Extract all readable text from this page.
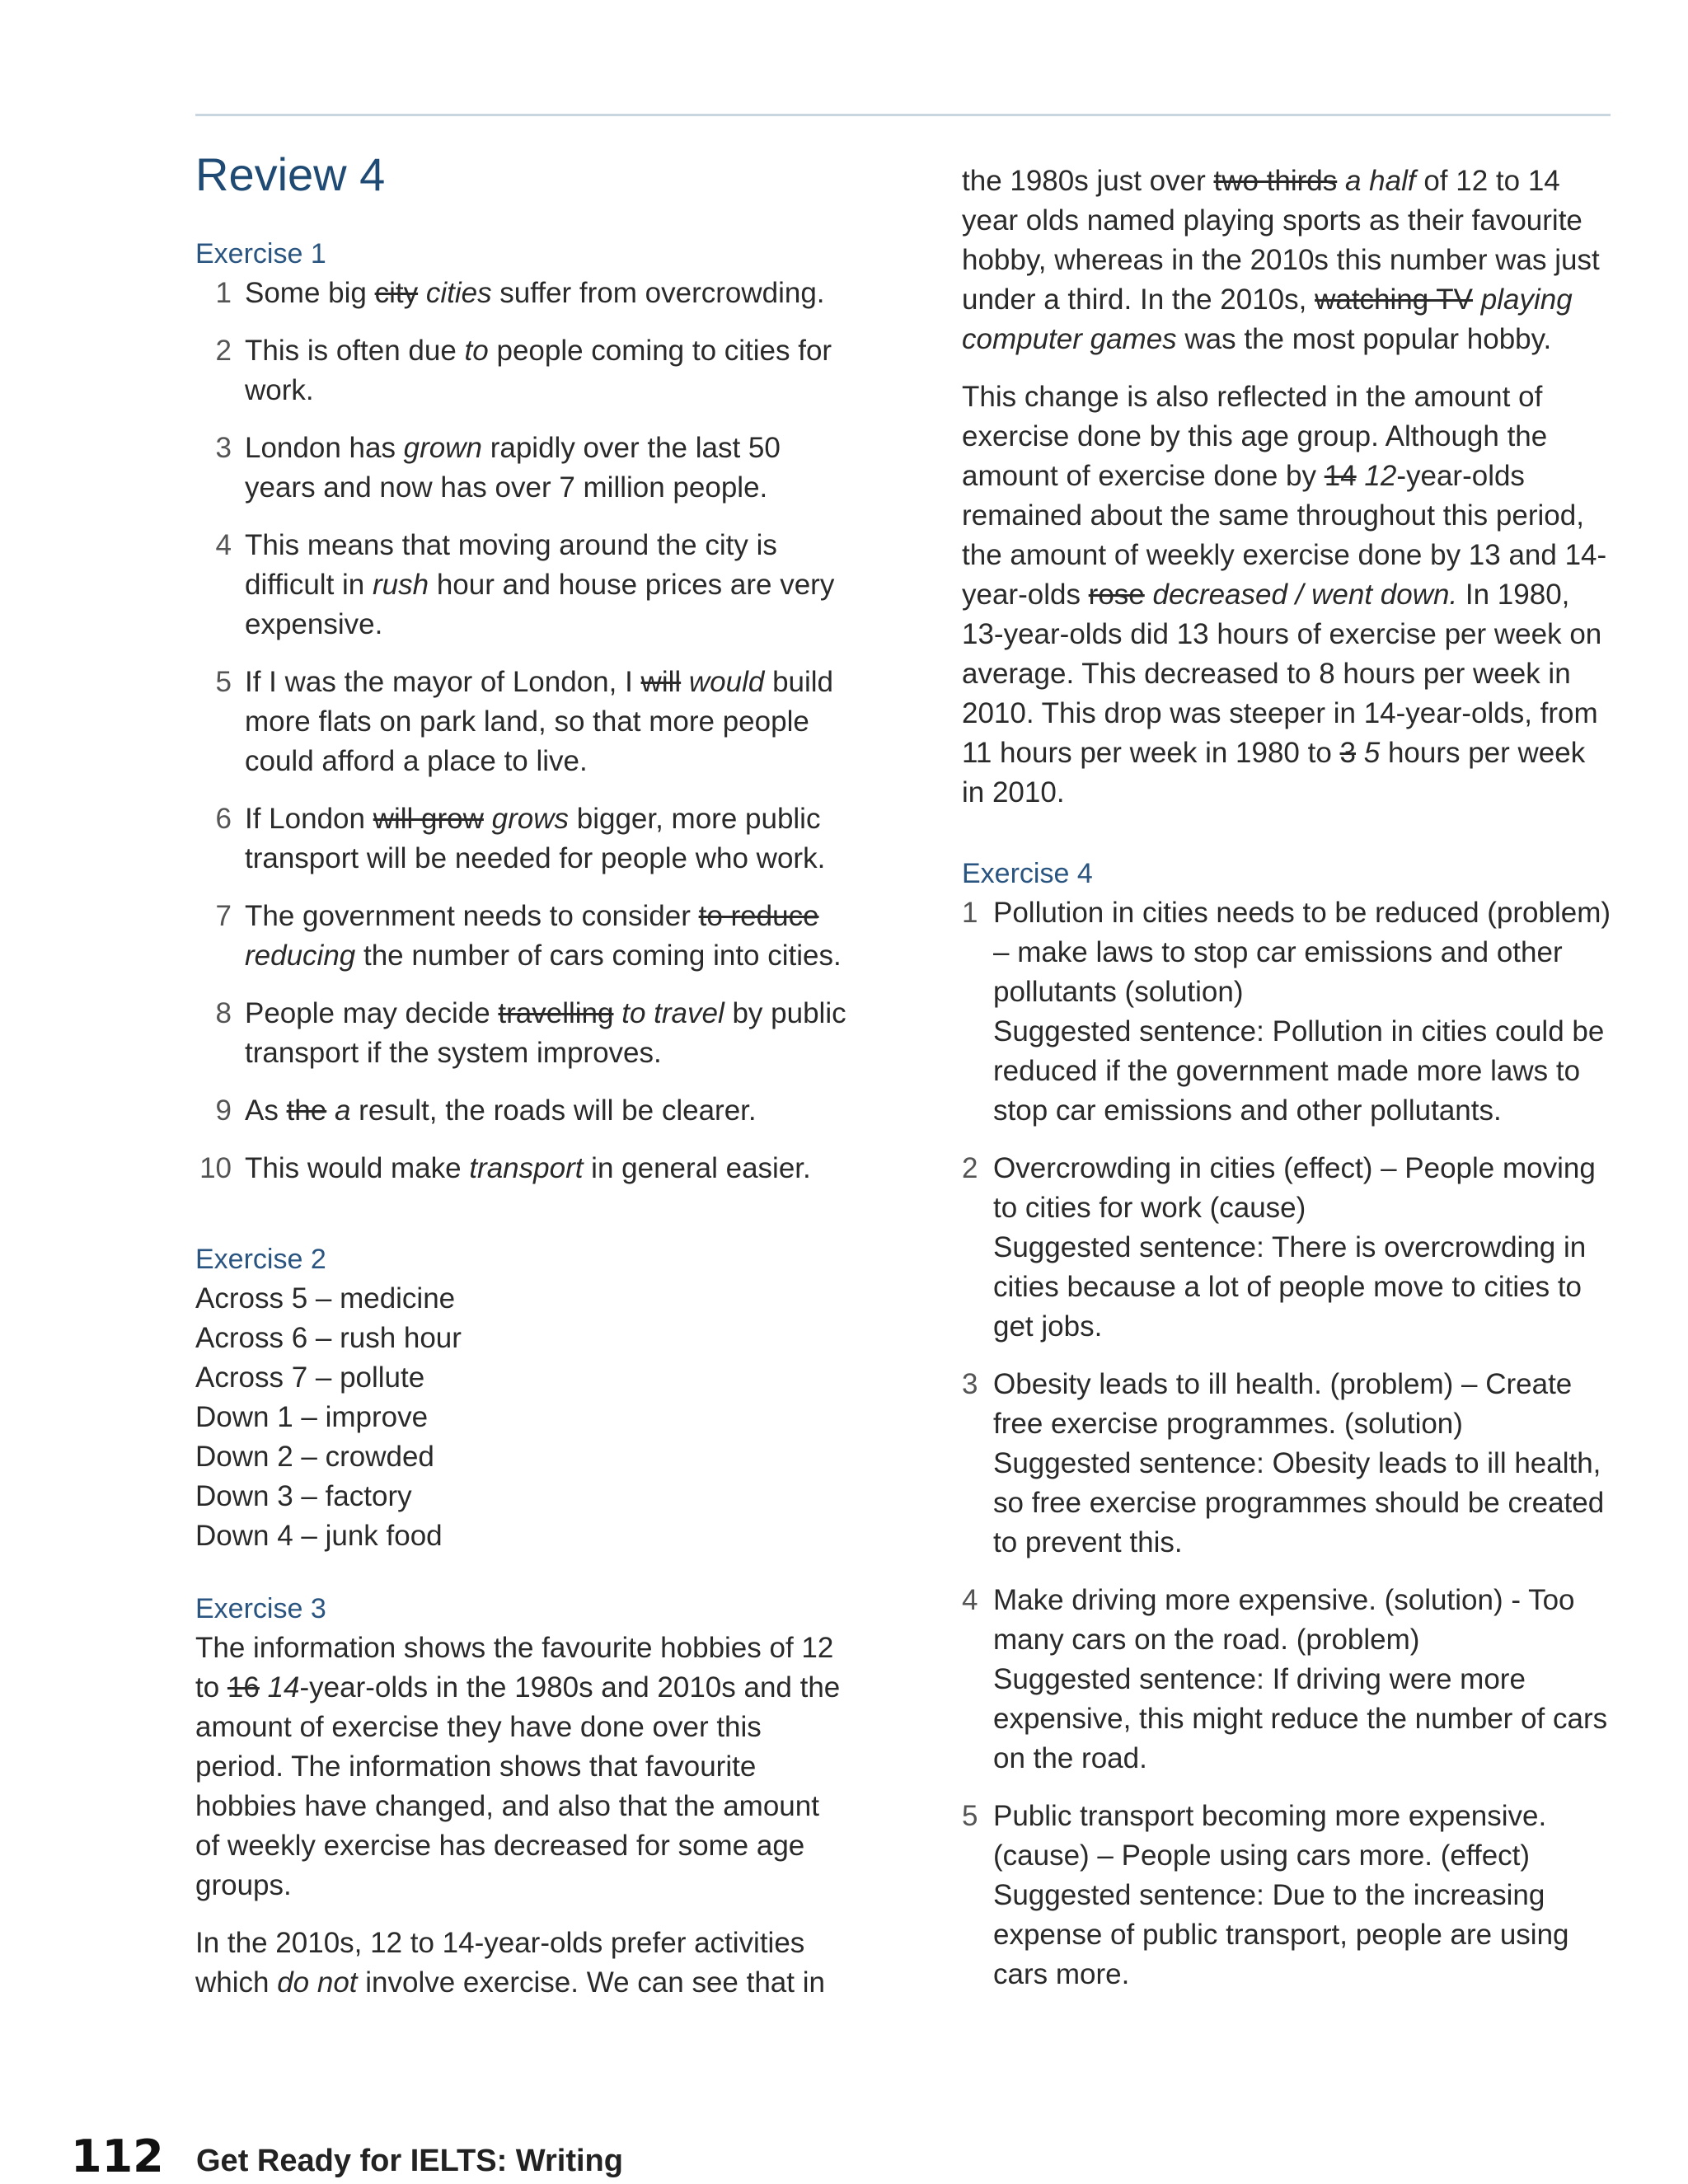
Review 4
Exercise 1
1 Some big city cities suffer from overcrowding.
2 This is often due to people coming to cities for work.
3 London has grown rapidly over the last 50 years and now has over 7 million people.
4 This means that moving around the city is difficult in rush hour and house prices are very expensive.
5 If I was the mayor of London, I will would build more flats on park land, so that more people could afford a place to live.
6 If London will grow grows bigger, more public transport will be needed for people who work.
7 The government needs to consider to reduce reducing the number of cars coming into cities.
8 People may decide travelling to travel by public transport if the system improves.
9 As the a result, the roads will be clearer.
10 This would make transport in general easier.
Exercise 2
Across 5 – medicine
Across 6 – rush hour
Across 7 – pollute
Down 1 – improve
Down 2 – crowded
Down 3 – factory
Down 4 – junk food
Exercise 3

The information shows the favourite hobbies of 12 to 16 14-year-olds in the 1980s and 2010s and the amount of exercise they have done over this period. The information shows that favourite hobbies have changed, and also that the amount of weekly exercise has decreased for some age groups.

In the 2010s, 12 to 14-year-olds prefer activities which do not involve exercise. We can see that in

the 1980s just over two thirds a half of 12 to 14 year olds named playing sports as their favourite hobby, whereas in the 2010s this number was just under a third. In the 2010s, watching TV playing computer games was the most popular hobby.

This change is also reflected in the amount of exercise done by this age group. Although the amount of exercise done by 14 12-year-olds remained about the same throughout this period, the amount of weekly exercise done by 13 and 14-year-olds rose decreased / went down. In 1980, 13-year-olds did 13 hours of exercise per week on average. This decreased to 8 hours per week in 2010. This drop was steeper in 14-year-olds, from 11 hours per week in 1980 to 3 5 hours per week in 2010.

Exercise 4
1 Pollution in cities needs to be reduced (problem) – make laws to stop car emissions and other pollutants (solution)
Suggested sentence: Pollution in cities could be reduced if the government made more laws to stop car emissions and other pollutants.
2 Overcrowding in cities (effect) – People moving to cities for work (cause)
Suggested sentence: There is overcrowding in cities because a lot of people move to cities to get jobs.
3 Obesity leads to ill health. (problem) – Create free exercise programmes. (solution)
Suggested sentence: Obesity leads to ill health, so free exercise programmes should be created to prevent this.
4 Make driving more expensive. (solution) - Too many cars on the road. (problem)
Suggested sentence: If driving were more expensive, this might reduce the number of cars on the road.
5 Public transport becoming more expensive. (cause) – People using cars more. (effect)
Suggested sentence: Due to the increasing expense of public transport, people are using cars more.
112 Get Ready for IELTS: Writing
